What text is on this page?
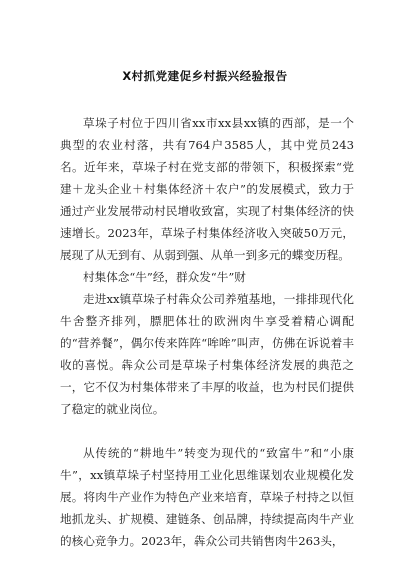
X村抓党建促乡村振兴经验报告

草垛子村位于四川省xx市xx县xx镇的西部，是一个典型的农业村落，共有764户3585人，其中党员243名。近年来，草垛子村在党支部的带领下，积极探索“党建＋龙头企业＋村集体经济＋农户”的发展模式，致力于通过产业发展带动村民增收致富，实现了村集体经济的快速增长。2023年，草垛子村集体经济收入突破50万元，展现了从无到有、从弱到强、从单一到多元的蝶变历程。

村集体念“牛”经，群众发“牛”财

走进xx镇草垛子村犇众公司养殖基地，一排排现代化牛舍整齐排列，膘肥体壮的欧洲肉牛享受着精心调配的“营养餐”，偶尔传来阵阵“哞哞”叫声，仿佛在诉说着丰收的喜悦。犇众公司是草垛子村集体经济发展的典范之一，它不仅为村集体带来了丰厚的收益，也为村民们提供了稳定的就业岗位。

从传统的“耕地牛”转变为现代的“致富牛”和“小康牛”，xx镇草垛子村坚持用工业化思维谋划农业规模化发展。将肉牛产业作为特色产业来培育，草垛子村持之以恒地抓龙头、扩规模、建链条、创品牌，持续提高肉牛产业的核心竞争力。2023年，犇众公司共销售肉牛263头，
